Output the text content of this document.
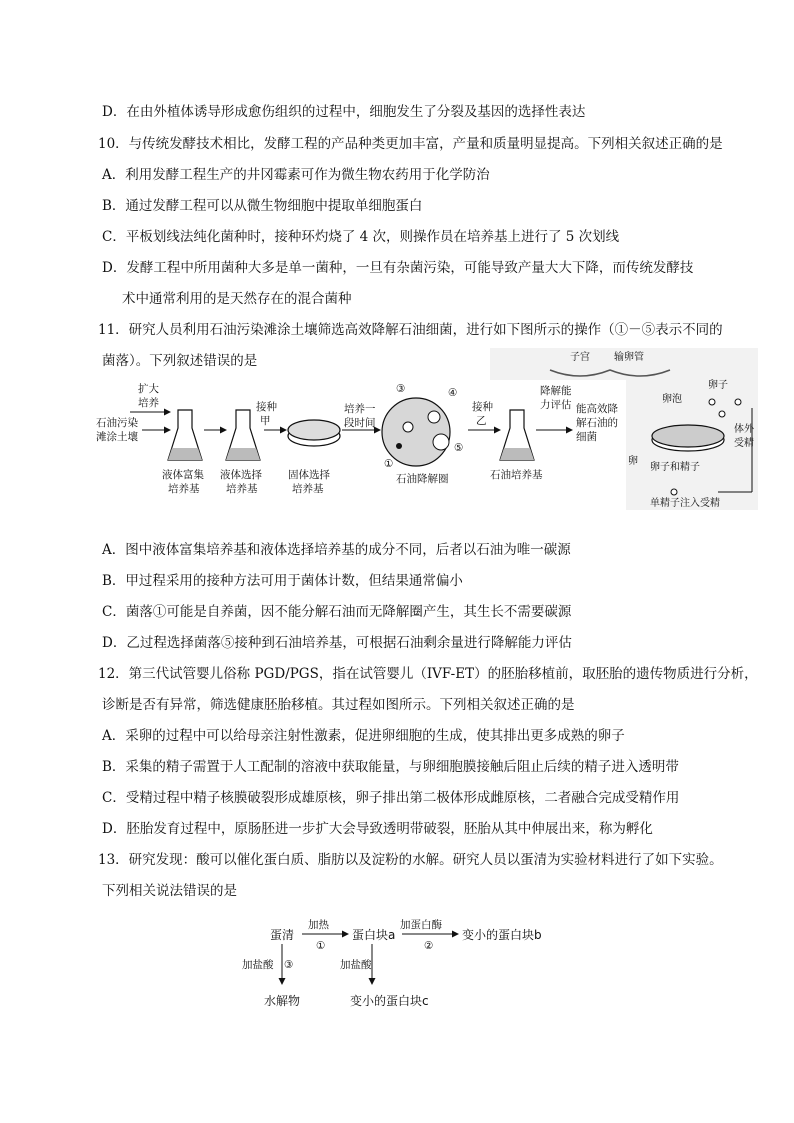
D．在由外植体诱导形成愈伤组织的过程中，细胞发生了分裂及基因的选择性表达
10．与传统发酵技术相比，发酵工程的产品种类更加丰富，产量和质量明显提高。下列相关叙述正确的是
A．利用发酵工程生产的井冈霉素可作为微生物农药用于化学防治
B．通过发酵工程可以从微生物细胞中提取单细胞蛋白
C．平板划线法纯化菌种时，接种环灼烧了 4 次，则操作员在培养基上进行了 5 次划线
D．发酵工程中所用菌种大多是单一菌种，一旦有杂菌污染，可能导致产量大大下降，而传统发酵技
术中通常利用的是天然存在的混合菌种
11．研究人员利用石油污染滩涂土壤筛选高效降解石油细菌，进行如下图所示的操作（①－⑤表示不同的
菌落）。下列叙述错误的是
石油污染
滩涂土壤
扩大
培养
液体富集
培养基
液体选择
培养基
接种
甲
固体选择
培养基
培养一
段时间
③	④
①
⑤
石油降解圈
接种
乙
石油培养基
降解能
力评估 能高效降
解石油的
细菌
子宫 输卵管
卵泡
卵子
体外
受精
卵子和精子
卵
单精子注入受精
A．图中液体富集培养基和液体选择培养基的成分不同，后者以石油为唯一碳源
B．甲过程采用的接种方法可用于菌体计数，但结果通常偏小
C．菌落①可能是自养菌，因不能分解石油而无降解圈产生，其生长不需要碳源
D．乙过程选择菌落⑤接种到石油培养基，可根据石油剩余量进行降解能力评估
12．第三代试管婴儿俗称 PGD/PGS，指在试管婴儿（IVF-ET）的胚胎移植前，取胚胎的遗传物质进行分析，
诊断是否有异常，筛选健康胚胎移植。其过程如图所示。下列相关叙述正确的是
A．采卵的过程中可以给母亲注射性激素，促进卵细胞的生成，使其排出更多成熟的卵子
B．采集的精子需置于人工配制的溶液中获取能量，与卵细胞膜接触后阻止后续的精子进入透明带
C．受精过程中精子核膜破裂形成雄原核，卵子排出第二极体形成雌原核，二者融合完成受精作用
D．胚胎发育过程中，原肠胚进一步扩大会导致透明带破裂，胚胎从其中伸展出来，称为孵化
13．研究发现：酸可以催化蛋白质、脂肪以及淀粉的水解。研究人员以蛋清为实验材料进行了如下实验。
下列相关说法错误的是
蛋清
加热
①
蛋白块a
加蛋白酶
②
变小的蛋白块b
加盐酸 ③
水解物
加盐酸
变小的蛋白块c
